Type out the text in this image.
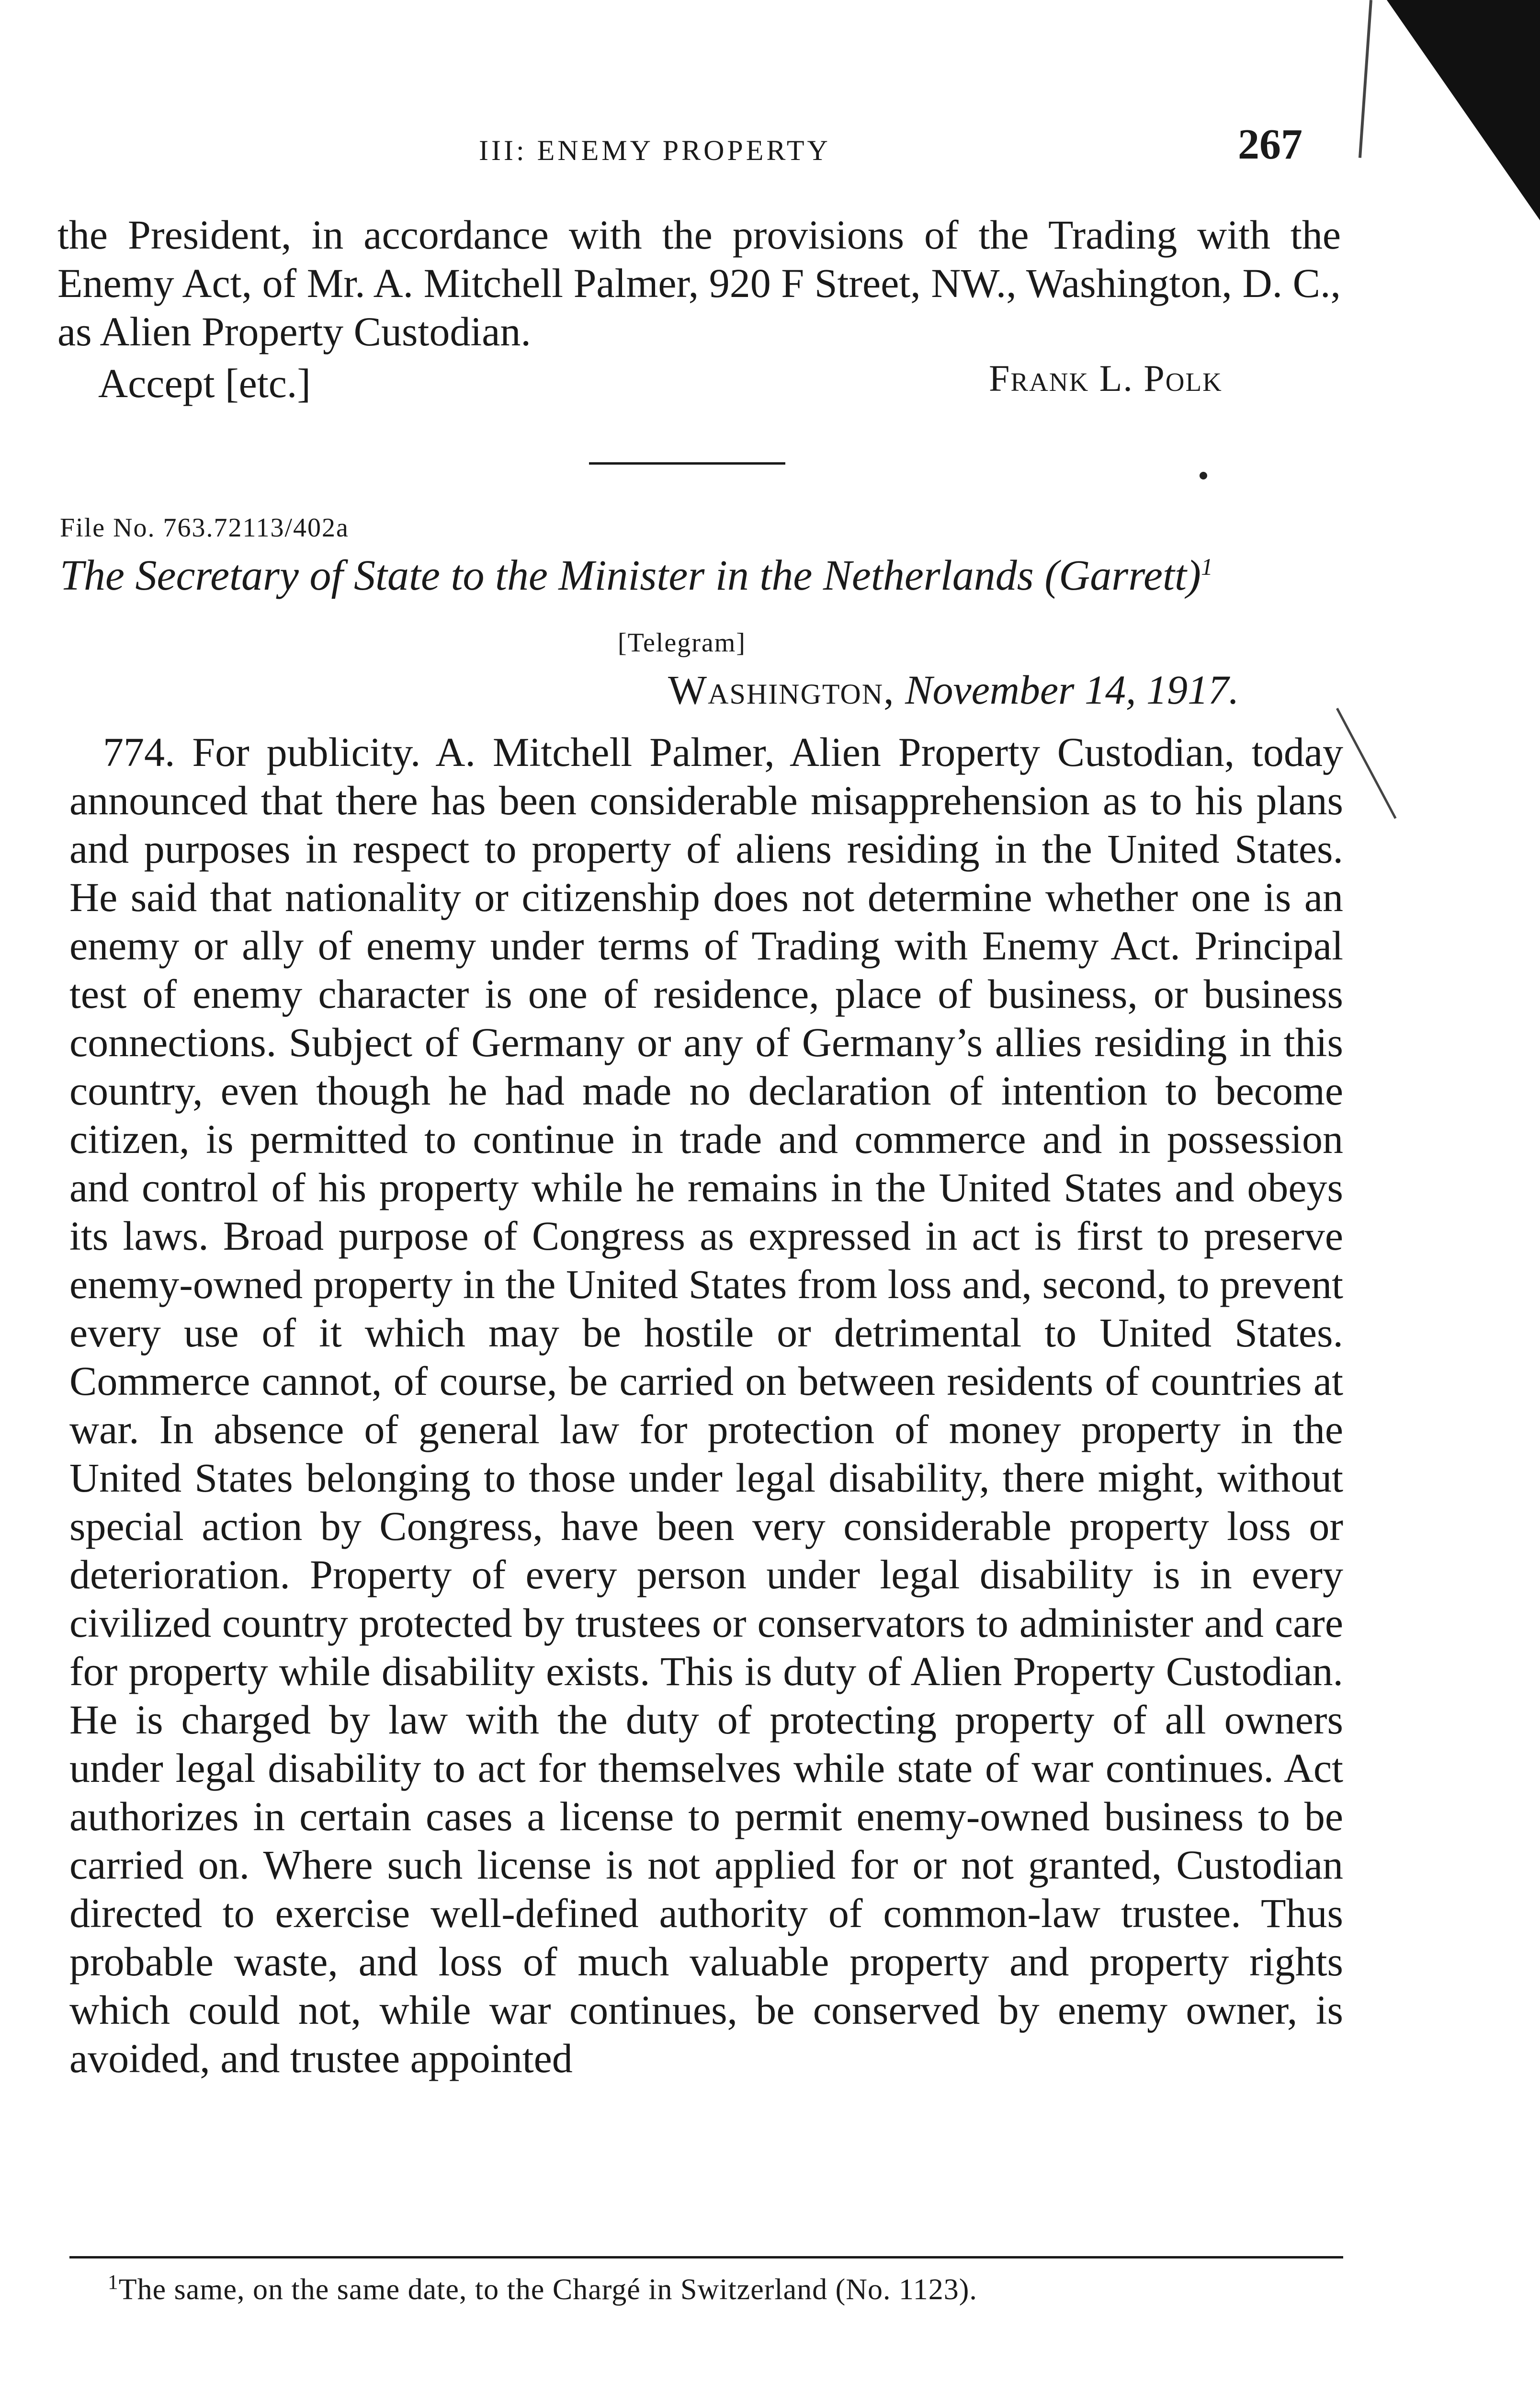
III: ENEMY PROPERTY	267
the President, in accordance with the provisions of the Trading with the Enemy Act, of Mr. A. Mitchell Palmer, 920 F Street, NW., Washington, D. C., as Alien Property Custodian.
Accept [etc.]	Frank L. Polk
File No. 763.72113/402a
The Secretary of State to the Minister in the Netherlands (Garrett)$^1$
[Telegram]
Washington, November 14, 1917.
774. For publicity. A. Mitchell Palmer, Alien Property Custodian, today announced that there has been considerable misapprehension as to his plans and purposes in respect to property of aliens residing in the United States. He said that nationality or citizenship does not determine whether one is an enemy or ally of enemy under terms of Trading with Enemy Act. Principal test of enemy character is one of residence, place of business, or business connections. Subject of Germany or any of Germany’s allies residing in this country, even though he had made no declaration of intention to become citizen, is permitted to continue in trade and commerce and in possession and control of his property while he remains in the United States and obeys its laws. Broad purpose of Congress as expressed in act is first to preserve enemy-owned property in the United States from loss and, second, to prevent every use of it which may be hostile or detrimental to United States. Commerce cannot, of course, be carried on between residents of countries at war. In absence of general law for protection of money property in the United States belonging to those under legal disability, there might, without special action by Congress, have been very considerable property loss or deterioration. Property of every person under legal disability is in every civilized country protected by trustees or conservators to administer and care for property while disability exists. This is duty of Alien Property Custodian. He is charged by law with the duty of protecting property of all owners under legal disability to act for themselves while state of war continues. Act authorizes in certain cases a license to permit enemy-owned business to be carried on. Where such license is not applied for or not granted, Custodian directed to exercise well-defined authority of common-law trustee. Thus probable waste, and loss of much valuable property and property rights which could not, while war continues, be conserved by enemy owner, is avoided, and trustee appointed
$^1$The same, on the same date, to the Chargé in Switzerland (No. 1123).
